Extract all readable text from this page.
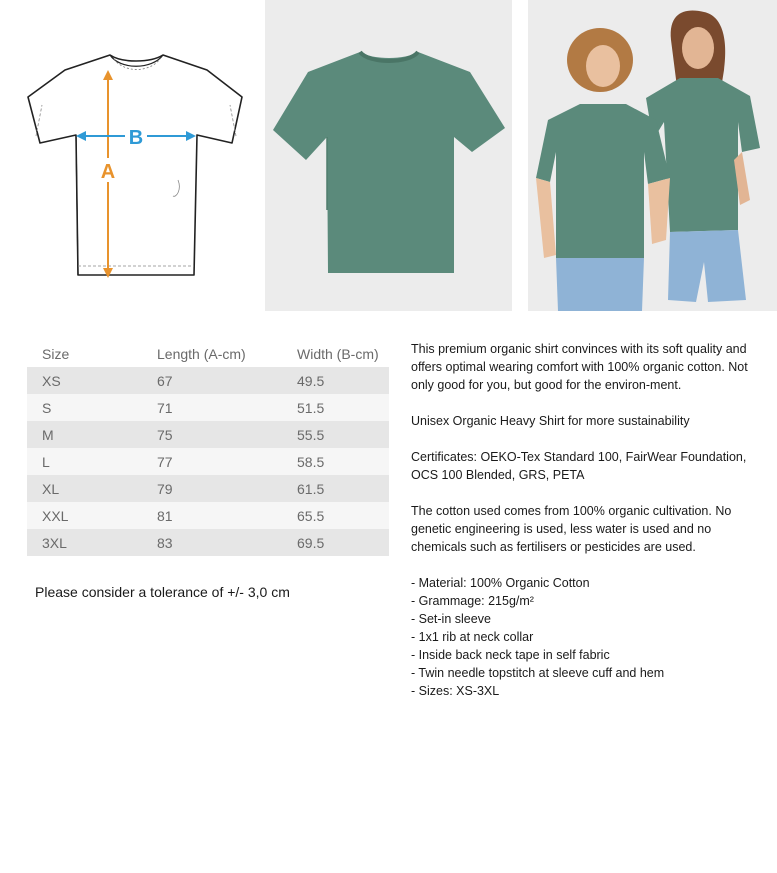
A
B
Size	Length (A-cm)	Width (B-cm)
XS	67	49.5
S	71	51.5
M	75	55.5
L	77	58.5
XL	79	61.5
XXL	81	65.5
3XL	83	69.5
Please consider a tolerance of +/- 3,0 cm

This premium organic shirt convinces with its soft quality and offers optimal wearing comfort with 100% organic cotton. Not only good for you, but good for the environ-ment.

Unisex Organic Heavy Shirt for more sustainability

Certificates: OEKO-Tex Standard 100, FairWear Foundation, OCS 100 Blended, GRS, PETA

The cotton used comes from 100% organic cultivation. No genetic engineering is used, less water is used and no chemicals such as fertilisers or pesticides are used.

- Material: 100% Organic Cotton
- Grammage: 215g/m²
- Set-in sleeve
- 1x1 rib at neck collar
- Inside back neck tape in self fabric
- Twin needle topstitch at sleeve cuff and hem
- Sizes: XS-3XL
